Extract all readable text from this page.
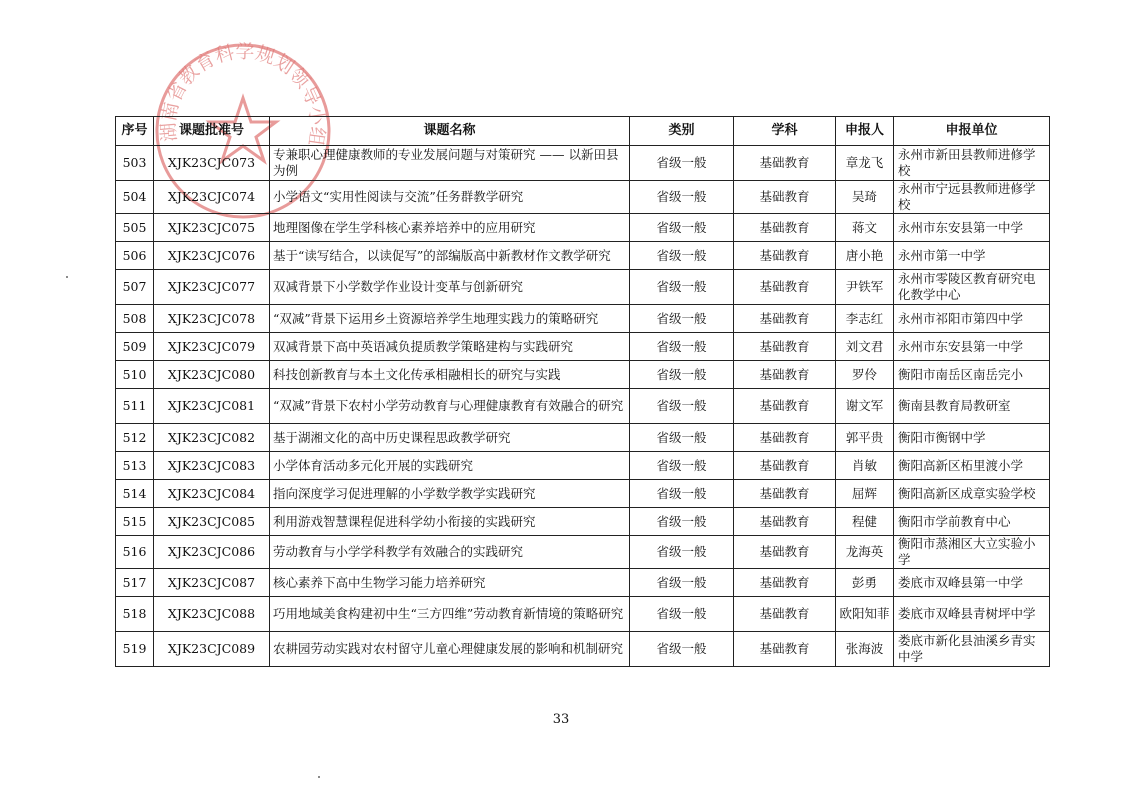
湖南省教育科学规划领导小组
序号	课题批准号	课题名称	类别	学科	申报人	申报单位
503	XJK23CJC073	专兼职心理健康教师的专业发展问题与对策研究 —— 以新田县为例	省级一般	基础教育	章龙飞	永州市新田县教师进修学校
504	XJK23CJC074	小学语文“实用性阅读与交流”任务群教学研究	省级一般	基础教育	吴琦	永州市宁远县教师进修学校
505	XJK23CJC075	地理图像在学生学科核心素养培养中的应用研究	省级一般	基础教育	蒋文	永州市东安县第一中学
506	XJK23CJC076	基于“读写结合，以读促写”的部编版高中新教材作文教学研究	省级一般	基础教育	唐小艳	永州市第一中学
507	XJK23CJC077	双减背景下小学数学作业设计变革与创新研究	省级一般	基础教育	尹铁军	永州市零陵区教育研究电化教学中心
508	XJK23CJC078	“双减”背景下运用乡土资源培养学生地理实践力的策略研究	省级一般	基础教育	李志红	永州市祁阳市第四中学
509	XJK23CJC079	双减背景下高中英语减负提质教学策略建构与实践研究	省级一般	基础教育	刘文君	永州市东安县第一中学
510	XJK23CJC080	科技创新教育与本土文化传承相融相长的研究与实践	省级一般	基础教育	罗伶	衡阳市南岳区南岳完小
511	XJK23CJC081	“双减”背景下农村小学劳动教育与心理健康教育有效融合的研究	省级一般	基础教育	谢文军	衡南县教育局教研室
512	XJK23CJC082	基于湖湘文化的高中历史课程思政教学研究	省级一般	基础教育	郭平贵	衡阳市衡钢中学
513	XJK23CJC083	小学体育活动多元化开展的实践研究	省级一般	基础教育	肖敏	衡阳高新区柘里渡小学
514	XJK23CJC084	指向深度学习促进理解的小学数学教学实践研究	省级一般	基础教育	屈辉	衡阳高新区成章实验学校
515	XJK23CJC085	利用游戏智慧课程促进科学幼小衔接的实践研究	省级一般	基础教育	程健	衡阳市学前教育中心
516	XJK23CJC086	劳动教育与小学学科教学有效融合的实践研究	省级一般	基础教育	龙海英	衡阳市蒸湘区大立实验小学
517	XJK23CJC087	核心素养下高中生物学习能力培养研究	省级一般	基础教育	彭勇	娄底市双峰县第一中学
518	XJK23CJC088	巧用地域美食构建初中生“三方四维”劳动教育新情境的策略研究	省级一般	基础教育	欧阳知菲	娄底市双峰县青树坪中学
519	XJK23CJC089	农耕园劳动实践对农村留守儿童心理健康发展的影响和机制研究	省级一般	基础教育	张海波	娄底市新化县油溪乡青实中学
33
